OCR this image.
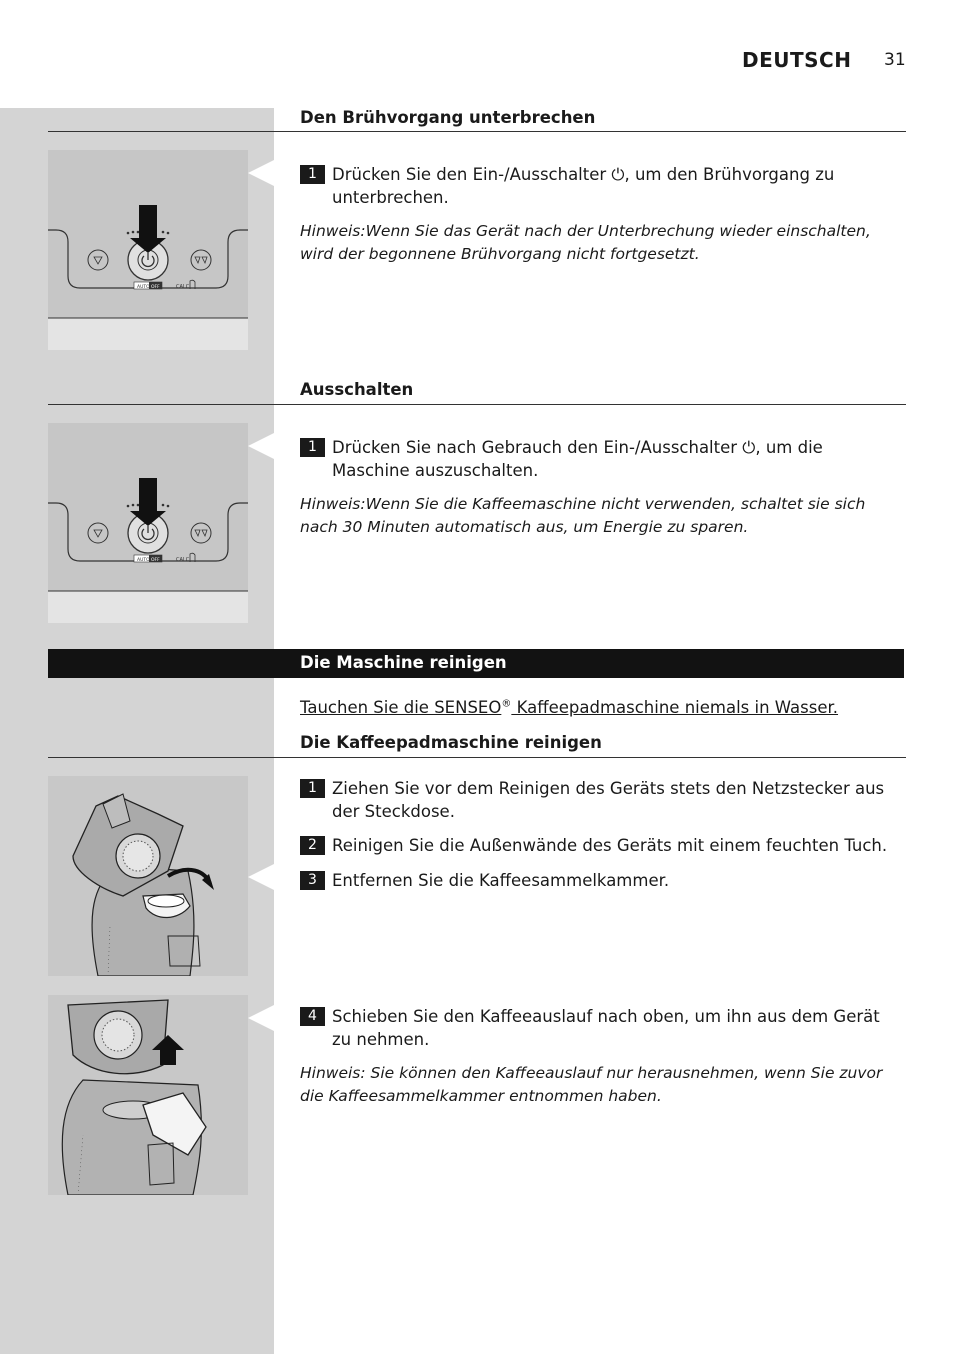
DEUTSCH 31
Den Brühvorgang unterbrechen
AUTO OFF	CALC
1 Drücken Sie den Ein-/Ausschalter ⏻, um den Brühvorgang zu unterbrechen.
Hinweis:Wenn Sie das Gerät nach der Unterbrechung wieder einschalten, wird der begonnene Brühvorgang nicht fortgesetzt.
Ausschalten
AUTO OFF	CALC
1 Drücken Sie nach Gebrauch den Ein-/Ausschalter ⏻, um die Maschine auszuschalten.
Hinweis:Wenn Sie die Kaffeemaschine nicht verwenden, schaltet sie sich nach 30 Minuten automatisch aus, um Energie zu sparen.
Die Maschine reinigen
Tauchen Sie die SENSEO® Kaffeepadmaschine niemals in Wasser.
Die Kaffeepadmaschine reinigen
1 Ziehen Sie vor dem Reinigen des Geräts stets den Netzstecker aus der Steckdose.
2 Reinigen Sie die Außenwände des Geräts mit einem feuchten Tuch.
3 Entfernen Sie die Kaffeesammelkammer.
4 Schieben Sie den Kaffeeauslauf nach oben, um ihn aus dem Gerät zu nehmen.
Hinweis: Sie können den Kaffeeauslauf nur herausnehmen, wenn Sie zuvor die Kaffeesammelkammer entnommen haben.
